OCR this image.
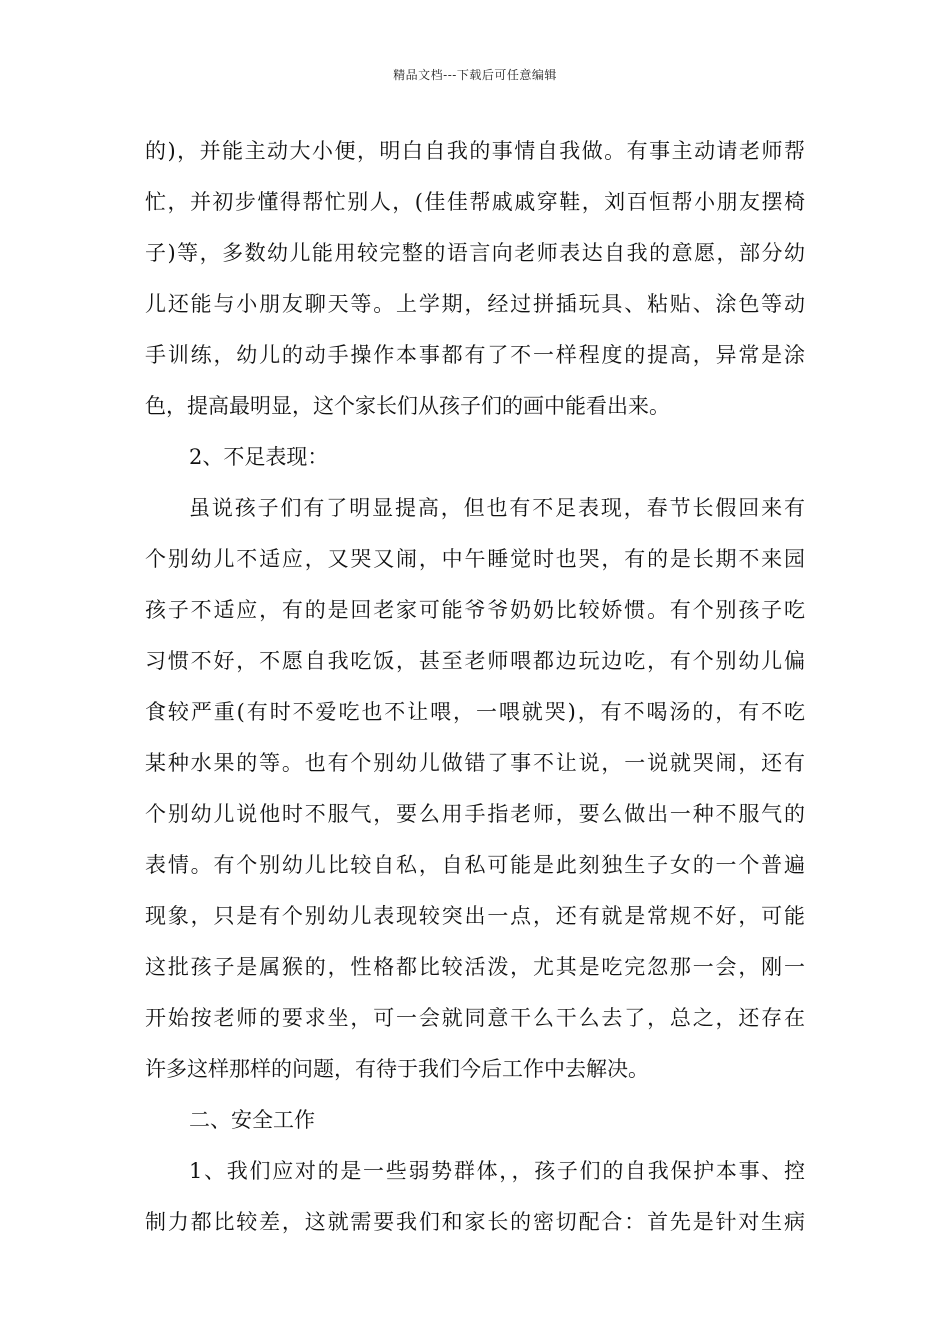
精品文档---下载后可任意编辑
的)，并能主动大小便，明白自我的事情自我做。有事主动请老师帮
忙，并初步懂得帮忙别人，(佳佳帮戚戚穿鞋，刘百恒帮小朋友摆椅
子)等，多数幼儿能用较完整的语言向老师表达自我的意愿，部分幼
儿还能与小朋友聊天等。上学期，经过拼插玩具、粘贴、涂色等动
手训练，幼儿的动手操作本事都有了不一样程度的提高，异常是涂
色，提高最明显，这个家长们从孩子们的画中能看出来。
2、不足表现：
虽说孩子们有了明显提高，但也有不足表现，春节长假回来有
个别幼儿不适应，又哭又闹，中午睡觉时也哭，有的是长期不来园
孩子不适应，有的是回老家可能爷爷奶奶比较娇惯。有个别孩子吃
习惯不好，不愿自我吃饭，甚至老师喂都边玩边吃，有个别幼儿偏
食较严重(有时不爱吃也不让喂，一喂就哭)，有不喝汤的，有不吃
某种水果的等。也有个别幼儿做错了事不让说，一说就哭闹，还有
个别幼儿说他时不服气，要么用手指老师，要么做出一种不服气的
表情。有个别幼儿比较自私，自私可能是此刻独生子女的一个普遍
现象，只是有个别幼儿表现较突出一点，还有就是常规不好，可能
这批孩子是属猴的，性格都比较活泼，尤其是吃完忽那一会，刚一
开始按老师的要求坐，可一会就同意干么干么去了，总之，还存在
许多这样那样的问题，有待于我们今后工作中去解决。
二、安全工作
1、我们应对的是一些弱势群体，，孩子们的自我保护本事、控
制力都比较差，这就需要我们和家长的密切配合：首先是针对生病
